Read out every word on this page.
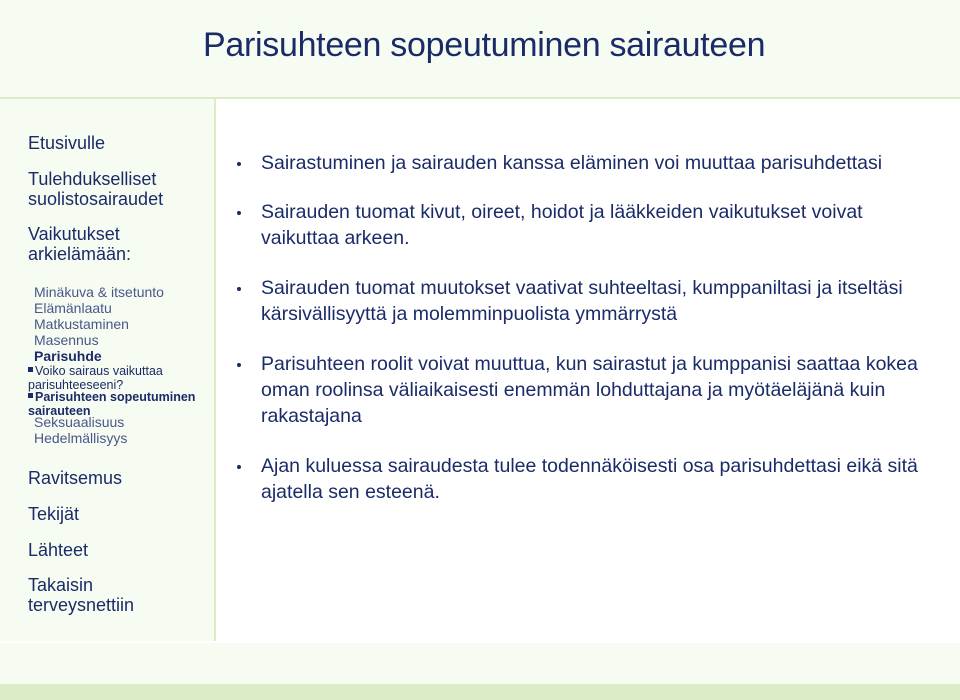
Parisuhteen sopeutuminen sairauteen

Etusivulle

Tulehdukselliset suolistosairaudet

Vaikutukset arkielämään:

Minäkuva & itsetunto

Elämänlaatu

Matkustaminen

Masennus

Parisuhde

Voiko sairaus vaikuttaa parisuhteeseeni?

Parisuhteen sopeutuminen sairauteen

Seksuaalisuus

Hedelmällisyys

Ravitsemus

Tekijät

Lähteet

Takaisin terveysnettiin

Sairastuminen ja sairauden kanssa eläminen voi muuttaa parisuhdettasi

Sairauden tuomat kivut, oireet, hoidot ja lääkkeiden vaikutukset voivat vaikuttaa arkeen.

Sairauden tuomat muutokset vaativat suhteeltasi, kumppaniltasi ja itseltäsi kärsivällisyyttä ja molemminpuolista ymmärrystä

Parisuhteen roolit voivat muuttua, kun sairastut ja kumppanisi saattaa kokea oman roolinsa väliaikaisesti enemmän lohduttajana ja myötäeläjänä kuin rakastajana

Ajan kuluessa sairaudesta tulee todennäköisesti osa parisuhdettasi eikä sitä ajatella sen esteenä.
